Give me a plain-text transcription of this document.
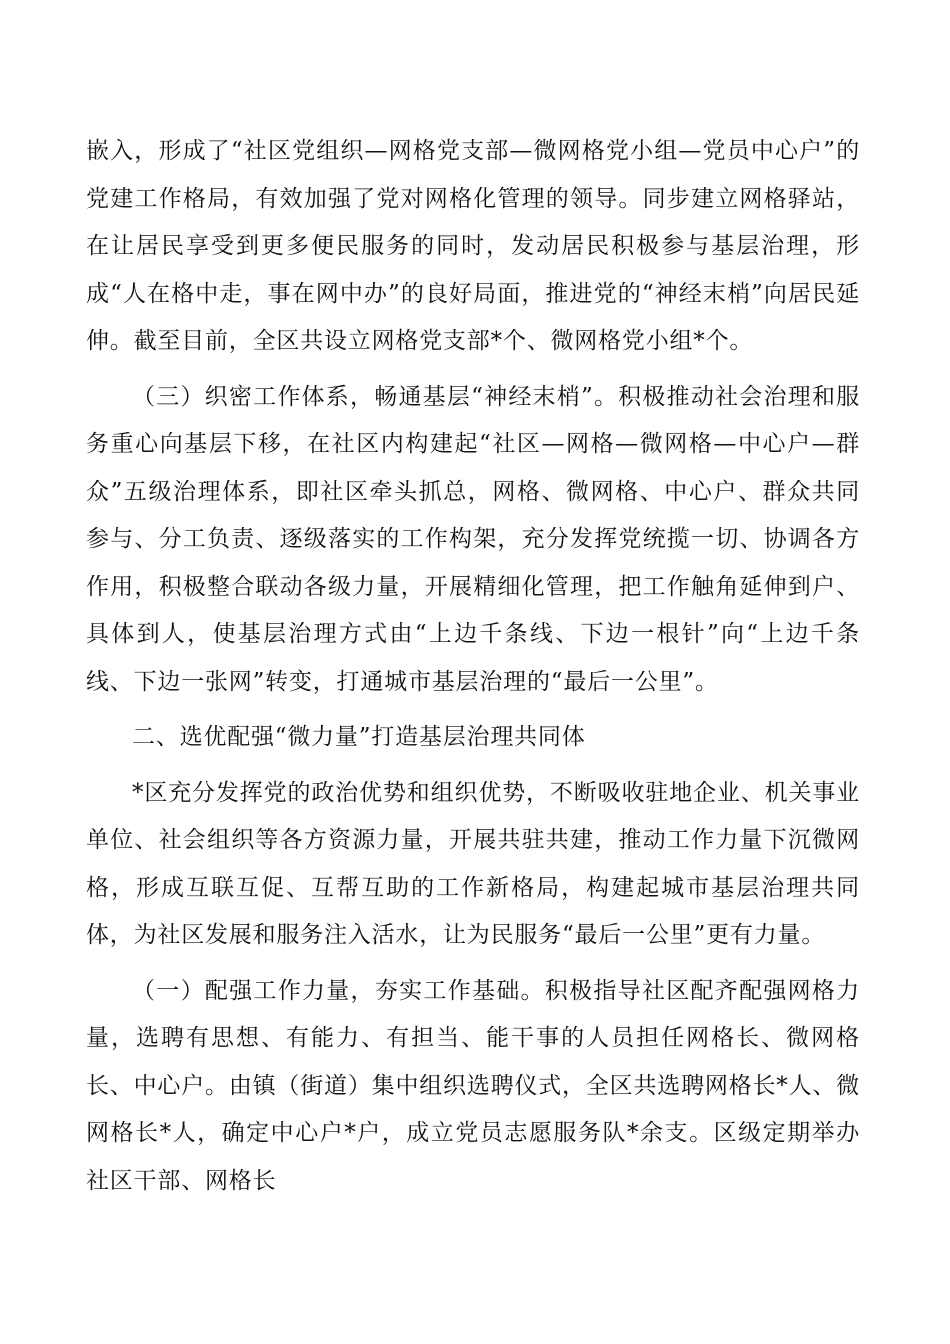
嵌入，形成了“社区党组织—网格党支部—微网格党小组—党员中心户”的党建工作格局，有效加强了党对网格化管理的领导。同步建立网格驿站，在让居民享受到更多便民服务的同时，发动居民积极参与基层治理，形成“人在格中走，事在网中办”的良好局面，推进党的“神经末梢”向居民延伸。截至目前，全区共设立网格党支部*个、微网格党小组*个。

（三）织密工作体系，畅通基层“神经末梢”。积极推动社会治理和服务重心向基层下移，在社区内构建起“社区—网格—微网格—中心户—群众”五级治理体系，即社区牵头抓总，网格、微网格、中心户、群众共同参与、分工负责、逐级落实的工作构架，充分发挥党统揽一切、协调各方作用，积极整合联动各级力量，开展精细化管理，把工作触角延伸到户、具体到人，使基层治理方式由“上边千条线、下边一根针”向“上边千条线、下边一张网”转变，打通城市基层治理的“最后一公里”。

二、选优配强“微力量”打造基层治理共同体

*区充分发挥党的政治优势和组织优势，不断吸收驻地企业、机关事业单位、社会组织等各方资源力量，开展共驻共建，推动工作力量下沉微网格，形成互联互促、互帮互助的工作新格局，构建起城市基层治理共同体，为社区发展和服务注入活水，让为民服务“最后一公里”更有力量。

（一）配强工作力量，夯实工作基础。积极指导社区配齐配强网格力量，选聘有思想、有能力、有担当、能干事的人员担任网格长、微网格长、中心户。由镇（街道）集中组织选聘仪式，全区共选聘网格长*人、微网格长*人，确定中心户*户，成立党员志愿服务队*余支。区级定期举办社区干部、网格长
